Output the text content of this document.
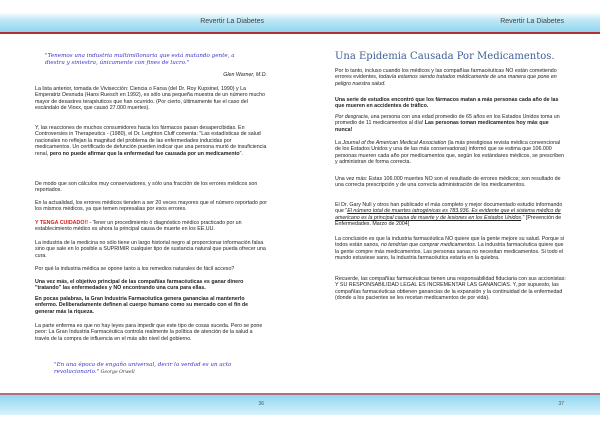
Revertir La Diabetes	Revertir La Diabetes
36	37
"Tenemos una industria multimillonaria que está matando gente, a diestra y siniestra, únicamente con fines de lucro."
Glen Warner, M.D.
La lista anterior, tomada de Vivisección: Ciencia o Farsa (del Dr. Roy Kupsinel, 1990) y La Emperatriz Desnuda (Hans Ruesch en 1992), es sólo una pequeña muestra de un número mucho mayor de desastres terapéuticos que han ocurrido. (Por cierto, últimamente fue el caso del escándalo de Vioxx, que causó 27.000 muertes).
Y, las reacciones de muchos consumidores hacia los fármacos pasan desapercibidas. En Controversies in Therapeutics - (1980), el Dr. Leighton Cluff comenta: "Las estadísticas de salud nacionales no reflejan la magnitud del problema de las enfermedades inducidas por medicamentos. Un certificado de defunción pueden indicar que una persona murió de insuficiencia renal, pero no puede afirmar que la enfermedad fue causada por un medicamento".
De modo que son cálculos muy conservadores, y sólo una fracción de los errores médicos son reportados.
En la actualidad, los errores médicos tienden a ser 20 veces mayores que el número reportado por los mismos médicos, ya que temen represalias por esos errores.
Y TENGA CUIDADO!! - Tener un procedimiento ó diagnóstico médico practicado por un establecimiento médico es ahora la principal causa de muerte en los EE.UU.
La industria de la medicina no sólo tiene un largo historial negro al proporcionar información falsa sino que sale en lo posible a SUPRIMIR cualquier tipo de sustancia natural que pueda ofrecer una cura.
Por qué la industria médica se opone tanto a los remedios naturales de fácil acceso?
Una vez más, el objetivo principal de las compañías farmacéuticas es ganar dinero "tratando" las enfermedades y NO encontrando una cura para ellas.
En pocas palabras, la Gran Industria Farmacéutica genera ganancias al mantenerlo enfermo. Deliberadamente definen al cuerpo humano como su mercado con el fin de generar más la riqueza.
La parte enferma es que no hay leyes para impedir que este tipo de cosas suceda. Pero se pone peor: La Gran Industria Farmacéutica controla realmente la política de atención de la salud a través de la compra de influencia en el más alto nivel del gobierno.
"En una época de engaño universal, decir la verdad es un acto revolucionario." George Orwell
Una Epidemia Causada Por Medicamentos.
Por lo tanto, incluso cuando los médicos y las compañías farmacéuticas NO están cometiendo errores evidentes, todavía estamos siendo tratados médicamente de una manera que pone en peligro nuestra salud.
Una serie de estudios encontró que los fármacos matan a más personas cada año de las que mueren en accidentes de tráfico.
Por desgracia, una persona con una edad promedio de 65 años en los Estados Unidos toma un promedio de 11 medicamentos al día! Las personas toman medicamentos hoy más que nunca!
La Journal of the American Medical Association (la más prestigiosa revista médica convencional de los Estados Unidos y una de las más conservadoras) informó que se estima que 106.000 personas mueren cada año por medicamentos que, según los estándares médicos, se prescriben y administran de forma correcta.
Una vez más: Estas 106.000 muertes NO son el resultado de errores médicos; son resultado de una correcta prescripción y de una correcta administración de los medicamentos.
El Dr. Gary Null y otros han publicado el más completo y mejor documentado estudio informando que "El número total de muertes iatrogénicas es 783.936. Es evidente que el sistema médico de americano es la principal causa de muerte y de lesiones en los Estados Unidos." [Prevención de Enfermedades. Marzo de 2004]
La conclusión es que la industria farmacéutica NO quiere que la gente mejore su salud. Porque si todos están sanos, no tendrían que comprar medicamentos. La industria farmacéutica quiere que la gente compre más medicamentos. Las personas sanas no necesitan medicamentos. Si todo el mundo estuviese sano, la industria farmacéutica estaría en la quiebra.
Recuerde, las compañías farmacéuticas tienen una responsabilidad fiduciaria con sus accionistas: Y SU RESPONSABILIDAD LEGAL ES INCREMENTAR LAS GANANCIAS. Y, por supuesto, las compañías farmacéuticas obtienen ganancias de la expansión y la continuidad de la enfermedad (donde a los pacientes se les recetan medicamentos de por vida).
